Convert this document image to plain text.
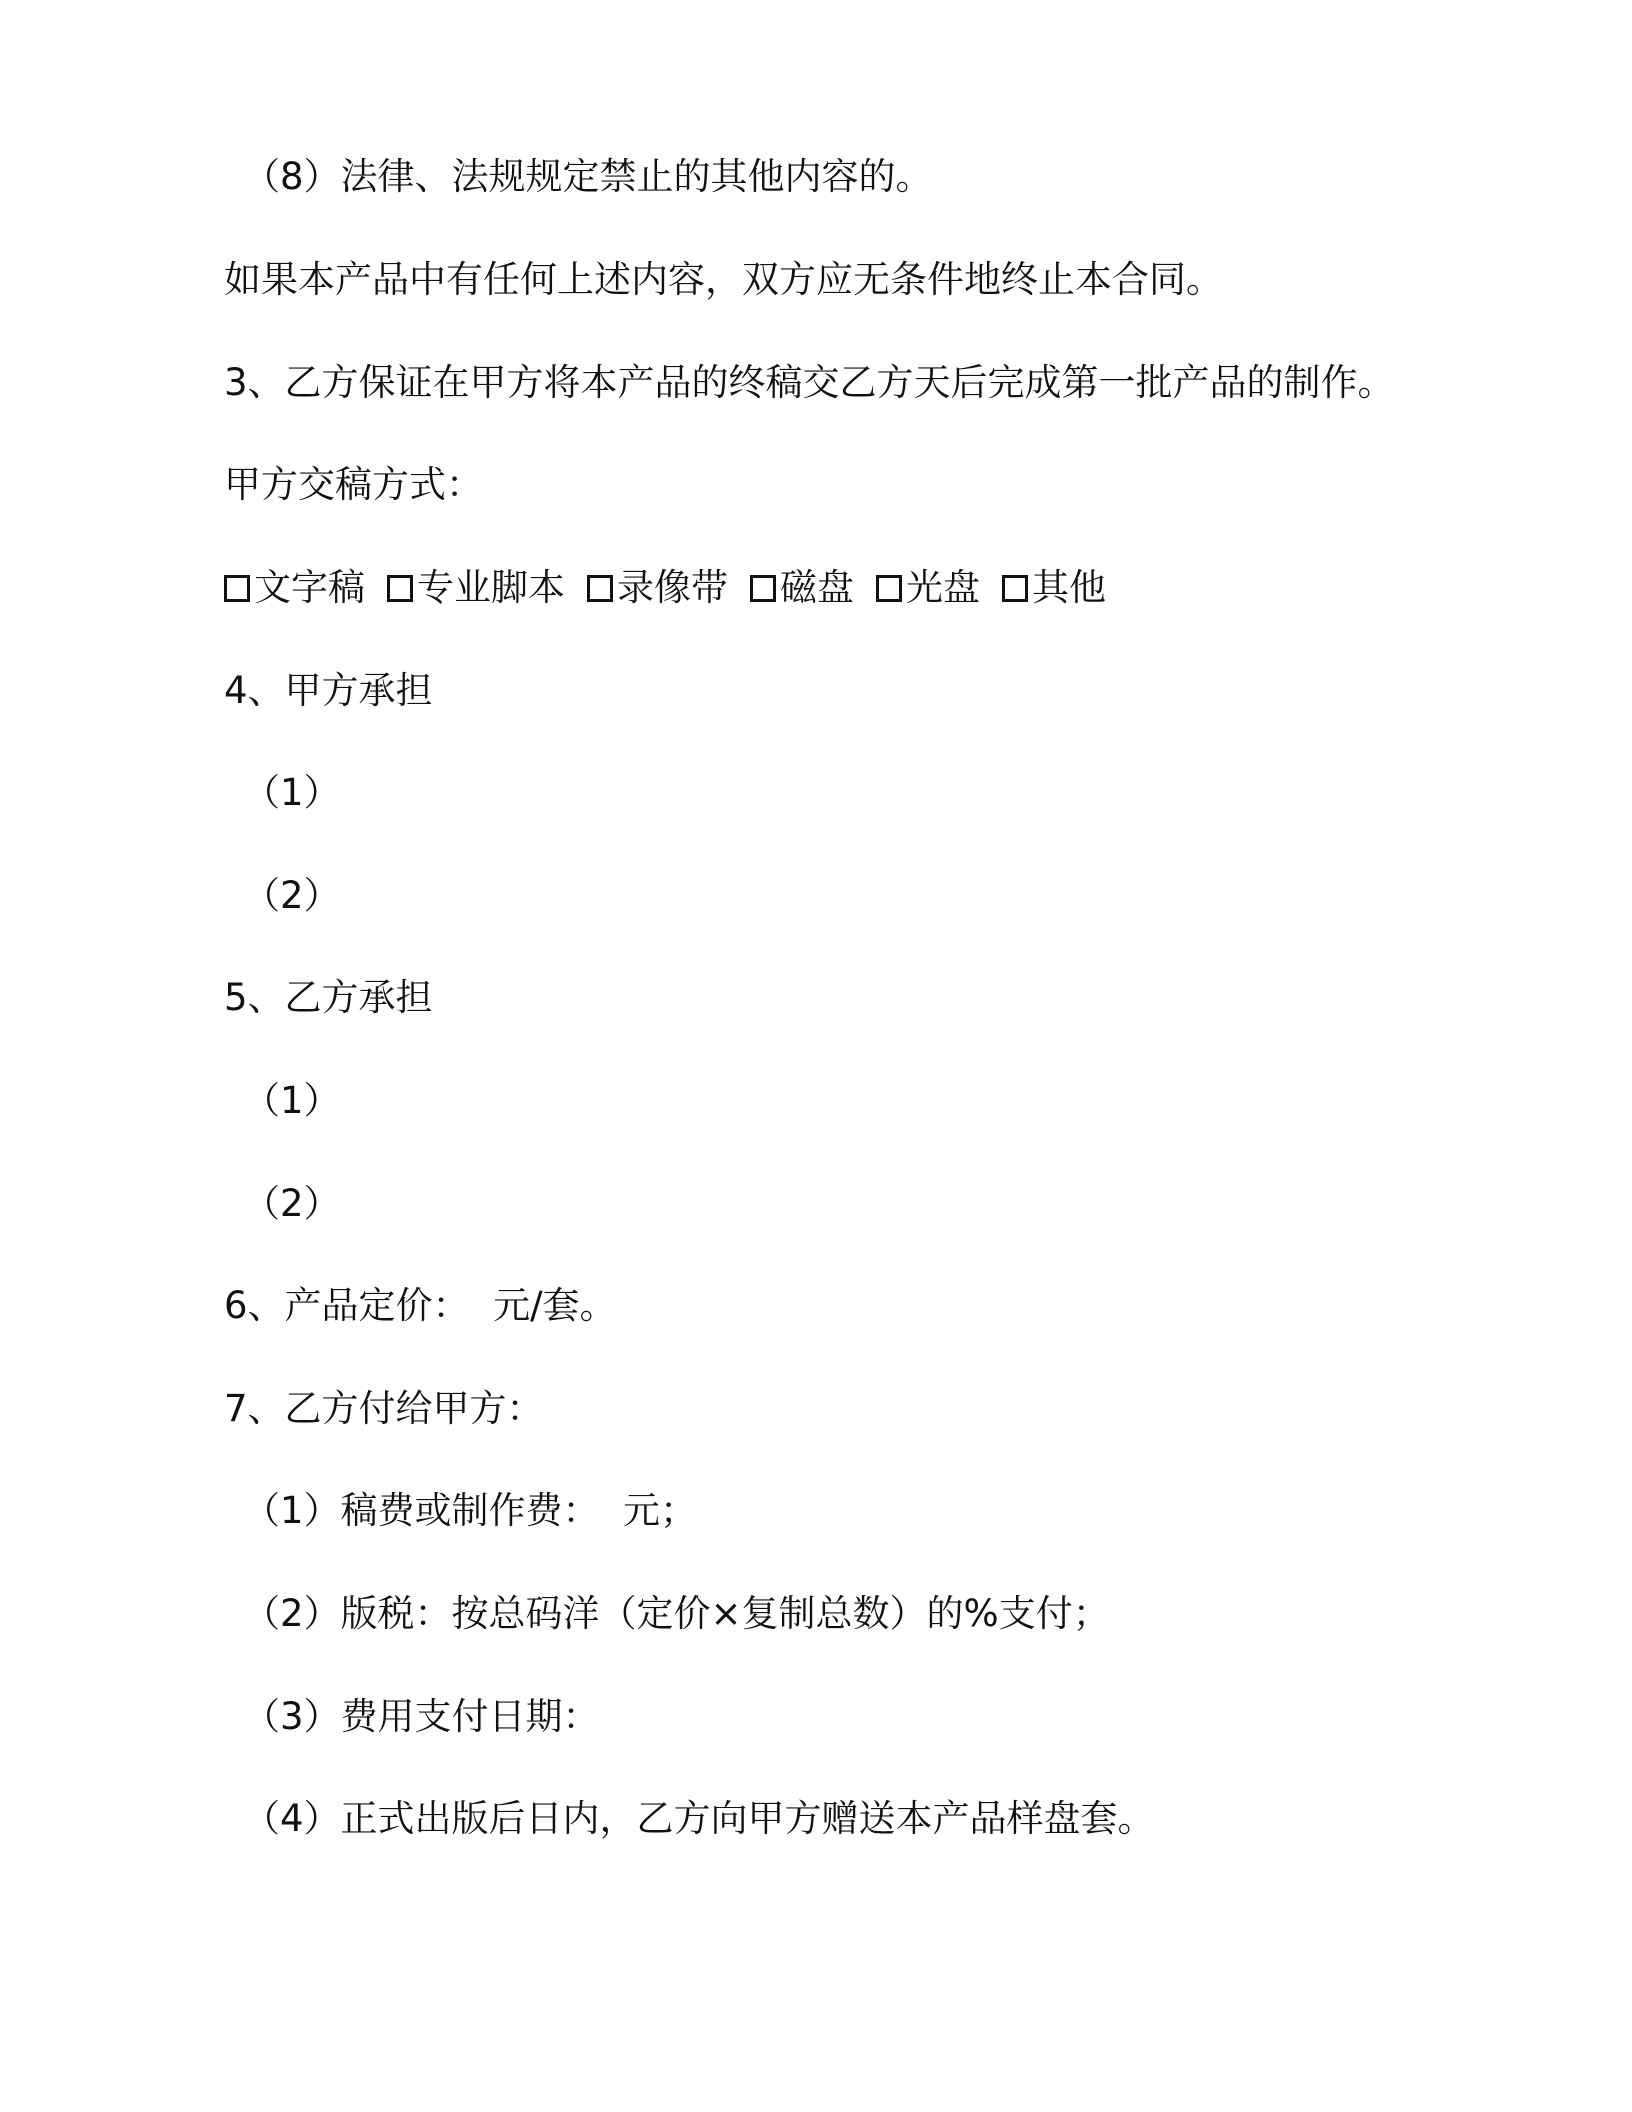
（8）法律、法规规定禁止的其他内容的。

如果本产品中有任何上述内容，双方应无条件地终止本合同。

3、乙方保证在甲方将本产品的终稿交乙方天后完成第一批产品的制作。

甲方交稿方式：

文字稿 专业脚本 录像带 磁盘 光盘 其他

4、甲方承担

（1）

（2）

5、乙方承担

（1）

（2）

6、产品定价：  元/套。

7、乙方付给甲方：

（1）稿费或制作费：  元；

（2）版税：按总码洋（定价×复制总数）的%支付；

（3）费用支付日期：

（4）正式出版后日内，乙方向甲方赠送本产品样盘套。
